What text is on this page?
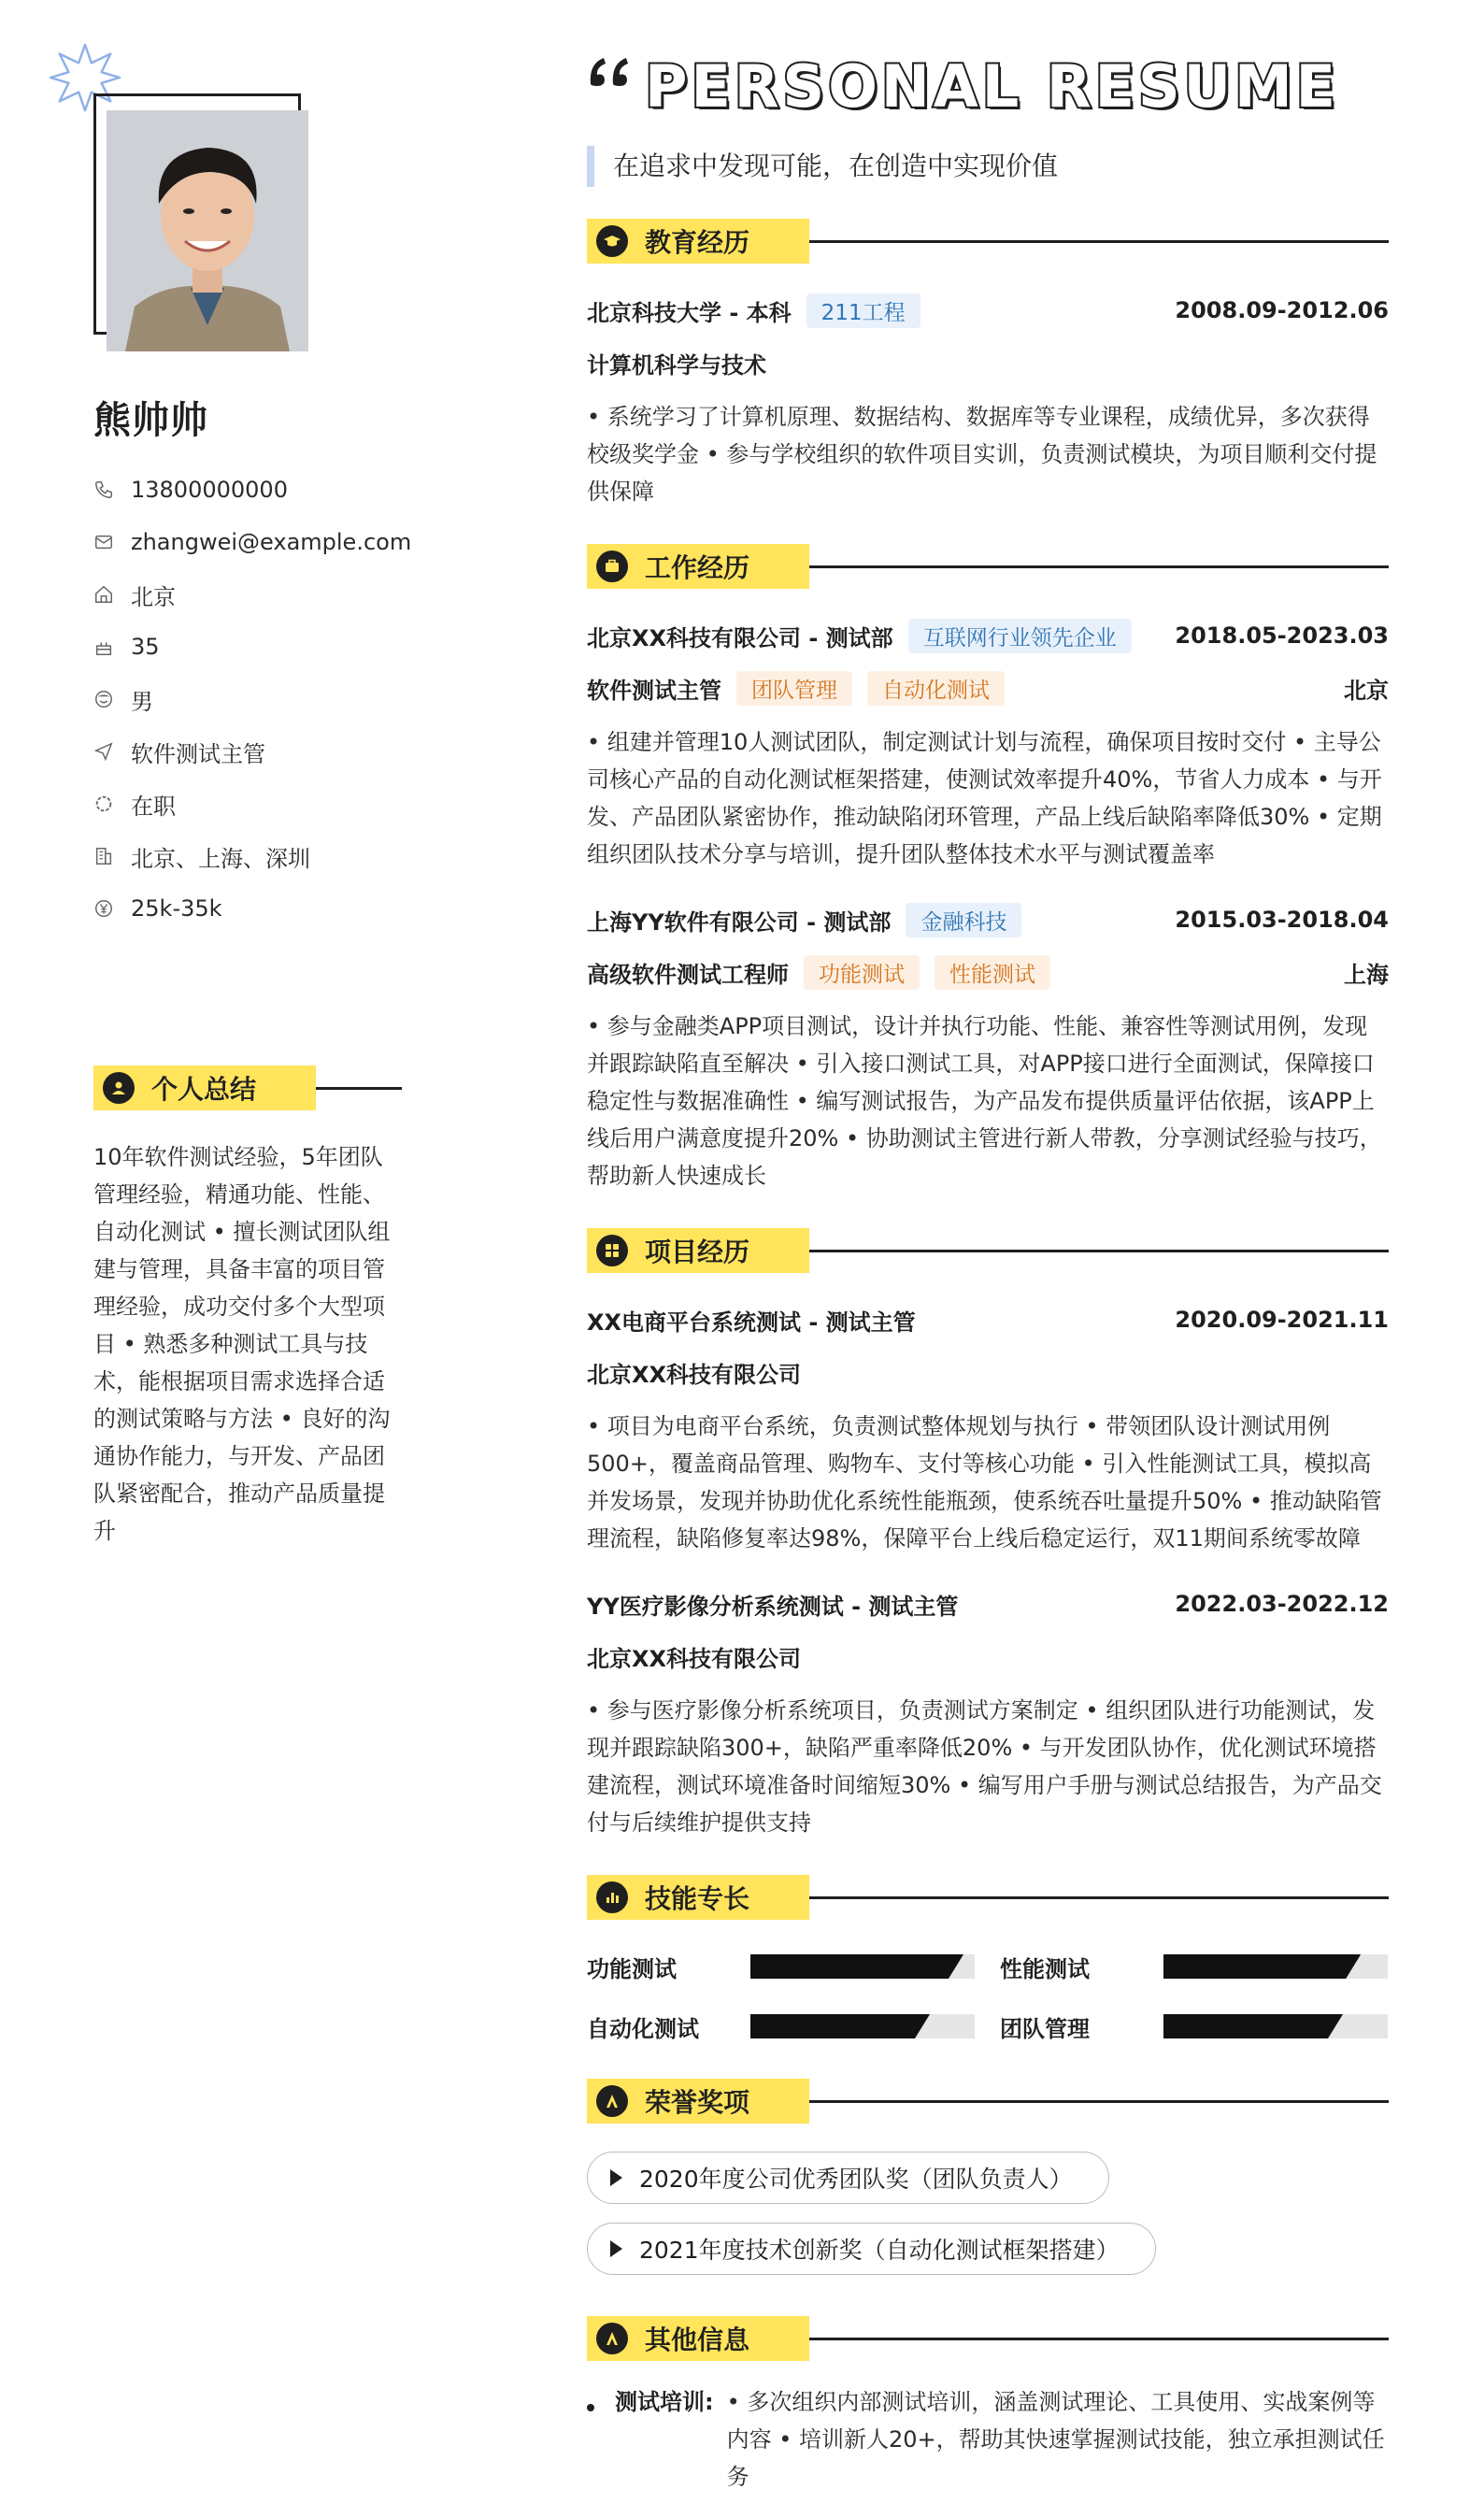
熊帅帅
13800000000
zhangwei@example.com
北京
35
男
软件测试主管
在职
北京、上海、深圳
25k-35k
个人总结
10年软件测试经验，5年团队管理经验，精通功能、性能、自动化测试 • 擅长测试团队组建与管理，具备丰富的项目管理经验，成功交付多个大型项目 • 熟悉多种测试工具与技术，能根据项目需求选择合适的测试策略与方法 • 良好的沟通协作能力，与开发、产品团队紧密配合，推动产品质量提升
PERSONAL RESUME
在追求中发现可能，在创造中实现价值
教育经历
北京科技大学 - 本科	211工程	2008.09-2012.06
计算机科学与技术
• 系统学习了计算机原理、数据结构、数据库等专业课程，成绩优异，多次获得校级奖学金 • 参与学校组织的软件项目实训，负责测试模块，为项目顺利交付提供保障
工作经历
北京XX科技有限公司 - 测试部	互联网行业领先企业	2018.05-2023.03
软件测试主管	团队管理	自动化测试	北京
• 组建并管理10人测试团队，制定测试计划与流程，确保项目按时交付 • 主导公司核心产品的自动化测试框架搭建，使测试效率提升40%，节省人力成本 • 与开发、产品团队紧密协作，推动缺陷闭环管理，产品上线后缺陷率降低30% • 定期组织团队技术分享与培训，提升团队整体技术水平与测试覆盖率
上海YY软件有限公司 - 测试部	金融科技	2015.03-2018.04
高级软件测试工程师	功能测试	性能测试	上海
• 参与金融类APP项目测试，设计并执行功能、性能、兼容性等测试用例，发现并跟踪缺陷直至解决 • 引入接口测试工具，对APP接口进行全面测试，保障接口稳定性与数据准确性 • 编写测试报告，为产品发布提供质量评估依据，该APP上线后用户满意度提升20% • 协助测试主管进行新人带教，分享测试经验与技巧，帮助新人快速成长
项目经历
XX电商平台系统测试 - 测试主管	2020.09-2021.11
北京XX科技有限公司
• 项目为电商平台系统，负责测试整体规划与执行 • 带领团队设计测试用例500+，覆盖商品管理、购物车、支付等核心功能 • 引入性能测试工具，模拟高并发场景，发现并协助优化系统性能瓶颈，使系统吞吐量提升50% • 推动缺陷管理流程，缺陷修复率达98%，保障平台上线后稳定运行，双11期间系统零故障
YY医疗影像分析系统测试 - 测试主管	2022.03-2022.12
北京XX科技有限公司
• 参与医疗影像分析系统项目，负责测试方案制定 • 组织团队进行功能测试，发现并跟踪缺陷300+，缺陷严重率降低20% • 与开发团队协作，优化测试环境搭建流程，测试环境准备时间缩短30% • 编写用户手册与测试总结报告，为产品交付与后续维护提供支持
技能专长
功能测试	性能测试
自动化测试	团队管理
荣誉奖项
2020年度公司优秀团队奖（团队负责人）
2021年度技术创新奖（自动化测试框架搭建）
其他信息
测试培训: • 多次组织内部测试培训，涵盖测试理论、工具使用、实战案例等内容 • 培训新人20+，帮助其快速掌握测试技能，独立承担测试任务
